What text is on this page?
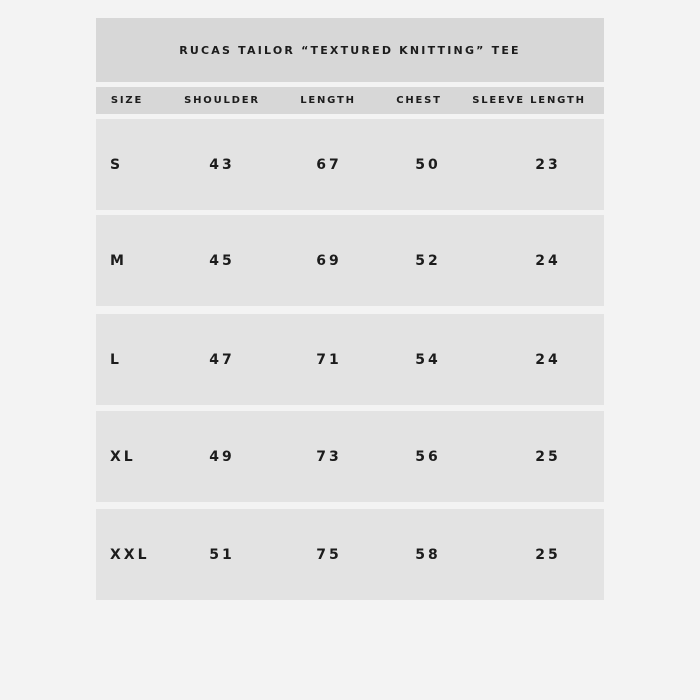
RUCAS TAILOR “TEXTURED KNITTING” TEE
SIZE	SHOULDER	LENGTH	CHEST	SLEEVE LENGTH
S	43	67	50	23
M	45	69	52	24
L	47	71	54	24
XL	49	73	56	25
XXL	51	75	58	25
